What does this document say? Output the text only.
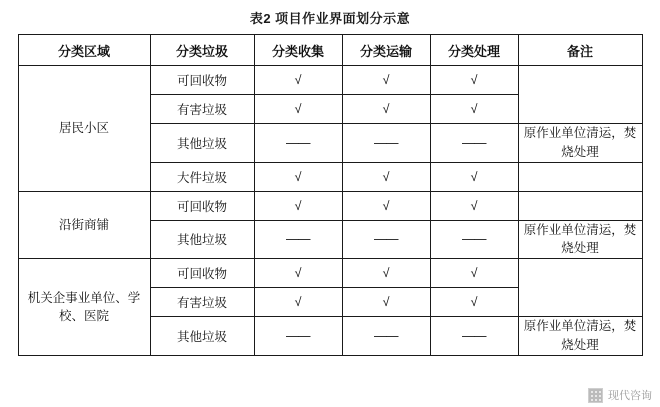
表2 项目作业界面划分示意
分类区域	分类垃圾	分类收集	分类运输	分类处理	备注
居民小区	可回收物	√	√	√	
	有害垃圾	√	√	√	
	其他垃圾	——	——	——	原作业单位清运，焚烧处理
	大件垃圾	√	√	√	
沿街商铺	可回收物	√	√	√	
	其他垃圾	——	——	——	原作业单位清运，焚烧处理
机关企事业单位、学校、医院	可回收物	√	√	√	
	有害垃圾	√	√	√	
	其他垃圾	——	——	——	原作业单位清运，焚烧处理
现代咨询
